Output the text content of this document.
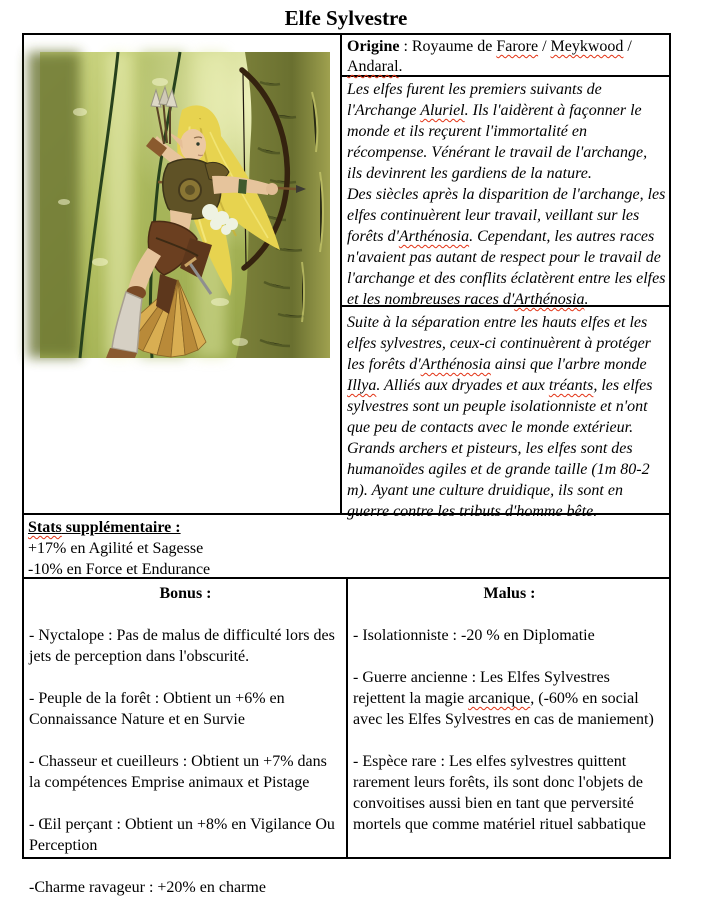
Elfe Sylvestre
Origine : Royaume de Farore / Meykwood / Andaral.
Les elfes furent les premiers suivants de l'Archange Aluriel. Ils l'aidèrent à façonner le monde et ils reçurent l'immortalité en récompense. Vénérant le travail de l'archange, ils devinrent les gardiens de la nature.
Des siècles après la disparition de l'archange, les elfes continuèrent leur travail, veillant sur les forêts d'Arthénosia. Cependant, les autres races n'avaient pas autant de respect pour le travail de l'archange et des conflits éclatèrent entre les elfes et les nombreuses races d'Arthénosia.
Suite à la séparation entre les hauts elfes et les elfes sylvestres, ceux-ci continuèrent à protéger les forêts d'Arthénosia ainsi que l'arbre monde Illya. Alliés aux dryades et aux tréants, les elfes sylvestres sont un peuple isolationniste et n'ont que peu de contacts avec le monde extérieur. Grands archers et pisteurs, les elfes sont des humanoïdes agiles et de grande taille (1m 80-2 m). Ayant une culture druidique, ils sont en guerre contre les tributs d'homme bête.
Stats supplémentaire :
+17% en Agilité et Sagesse
-10% en Force et Endurance
Bonus :

- Nyctalope : Pas de malus de difficulté lors des jets de perception dans l'obscurité.

- Peuple de la forêt : Obtient un +6% en Connaissance Nature et en Survie

- Chasseur et cueilleurs : Obtient un +7% dans la compétences Emprise animaux et Pistage

- Œil perçant : Obtient un +8% en Vigilance Ou Perception

-Charme ravageur : +20% en charme

Malus :

- Isolationniste : -20 % en Diplomatie

- Guerre ancienne : Les Elfes Sylvestres rejettent la magie arcanique, (-60% en social avec les Elfes Sylvestres en cas de maniement)

- Espèce rare : Les elfes sylvestres quittent rarement leurs forêts, ils sont donc l'objets de convoitises aussi bien en tant que perversité mortels que comme matériel rituel sabbatique
